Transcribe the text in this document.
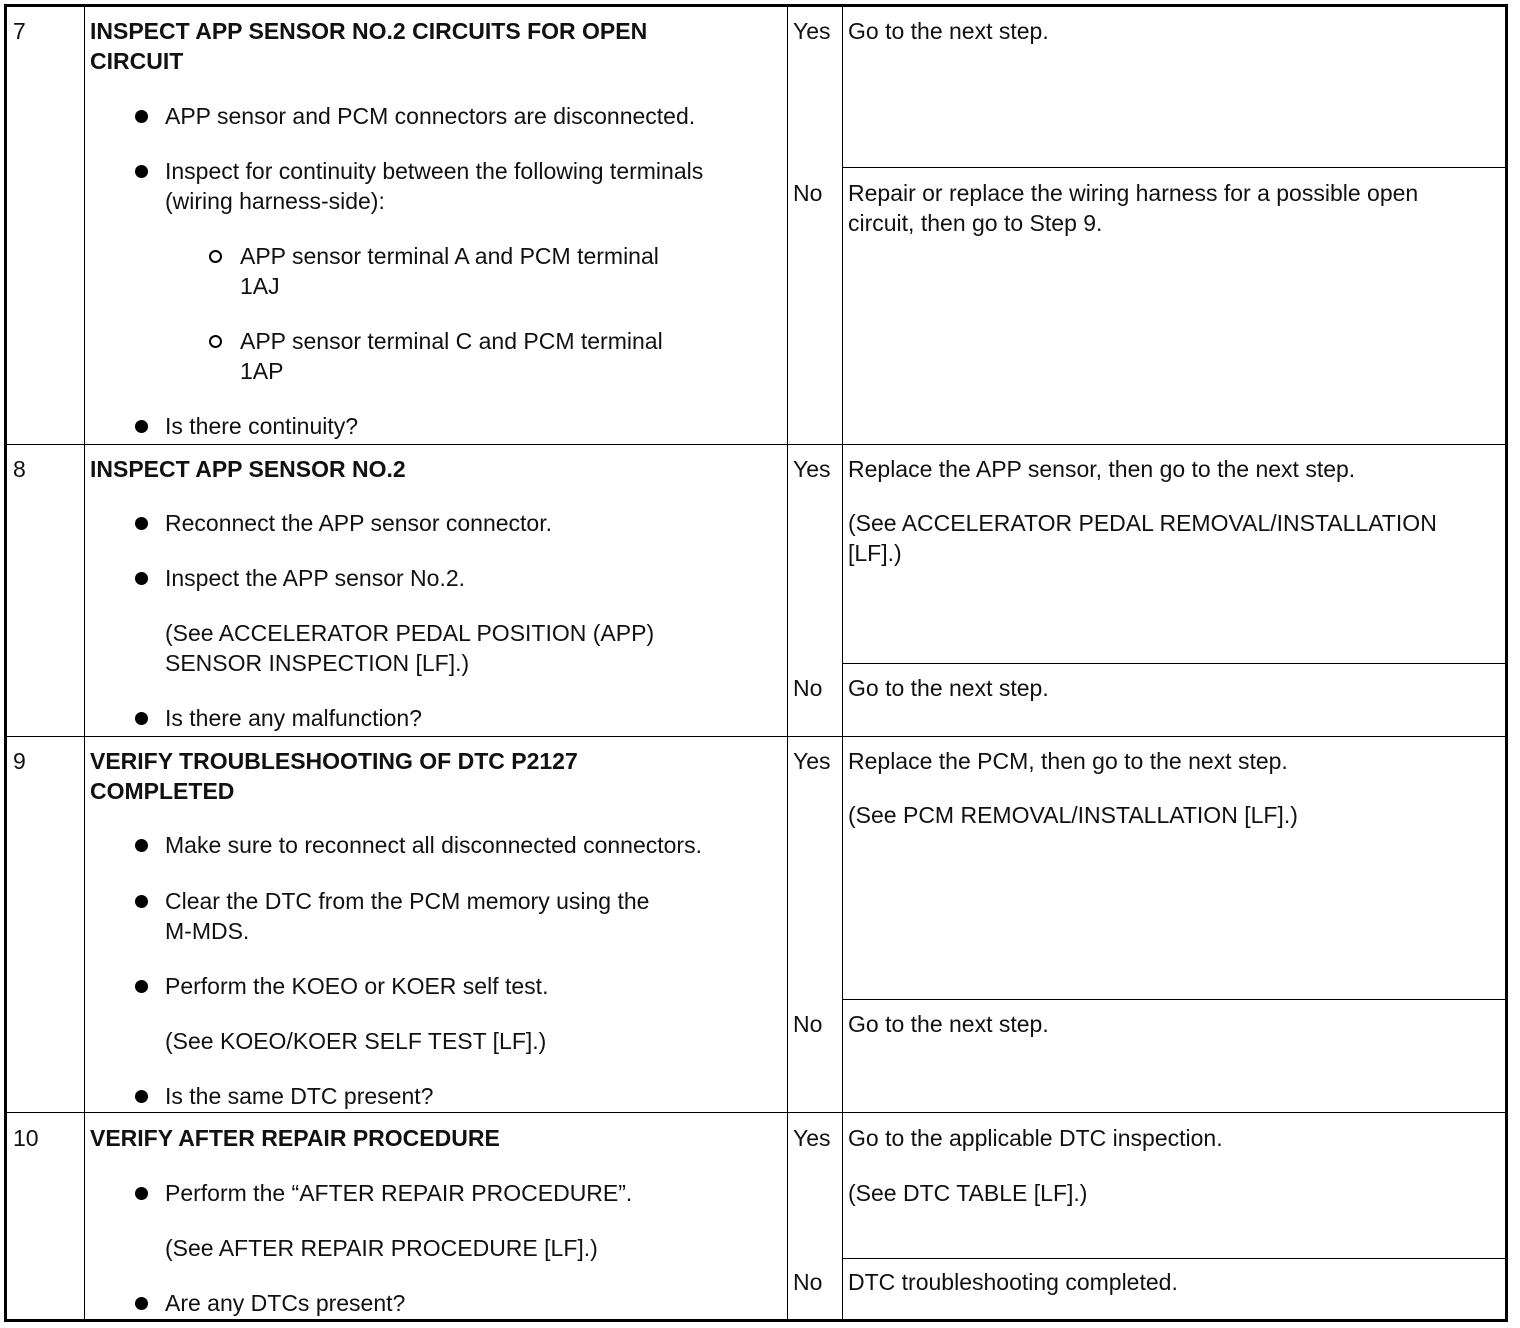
7	INSPECT APP SENSOR NO.2 CIRCUITS FOR OPEN
CIRCUIT
APP sensor and PCM connectors are disconnected.
Inspect for continuity between the following terminals
(wiring harness-side):
APP sensor terminal A and PCM terminal
1AJ
APP sensor terminal C and PCM terminal
1AP
Is there continuity?
Yes Go to the next step.
No Repair or replace the wiring harness for a possible open
circuit, then go to Step 9.
8	INSPECT APP SENSOR NO.2
Reconnect the APP sensor connector.
Inspect the APP sensor No.2.
(See ACCELERATOR PEDAL POSITION (APP)
SENSOR INSPECTION [LF].)
Is there any malfunction?
Yes Replace the APP sensor, then go to the next step.
(See ACCELERATOR PEDAL REMOVAL/INSTALLATION
[LF].)
No Go to the next step.
9	VERIFY TROUBLESHOOTING OF DTC P2127
COMPLETED
Make sure to reconnect all disconnected connectors.
Clear the DTC from the PCM memory using the
M-MDS.
Perform the KOEO or KOER self test.
(See KOEO/KOER SELF TEST [LF].)
Is the same DTC present?
Yes Replace the PCM, then go to the next step.
(See PCM REMOVAL/INSTALLATION [LF].)
No Go to the next step.
10 VERIFY AFTER REPAIR PROCEDURE
Perform the “AFTER REPAIR PROCEDURE”.
(See AFTER REPAIR PROCEDURE [LF].)
Are any DTCs present?
Yes Go to the applicable DTC inspection.
(See DTC TABLE [LF].)
No DTC troubleshooting completed.
